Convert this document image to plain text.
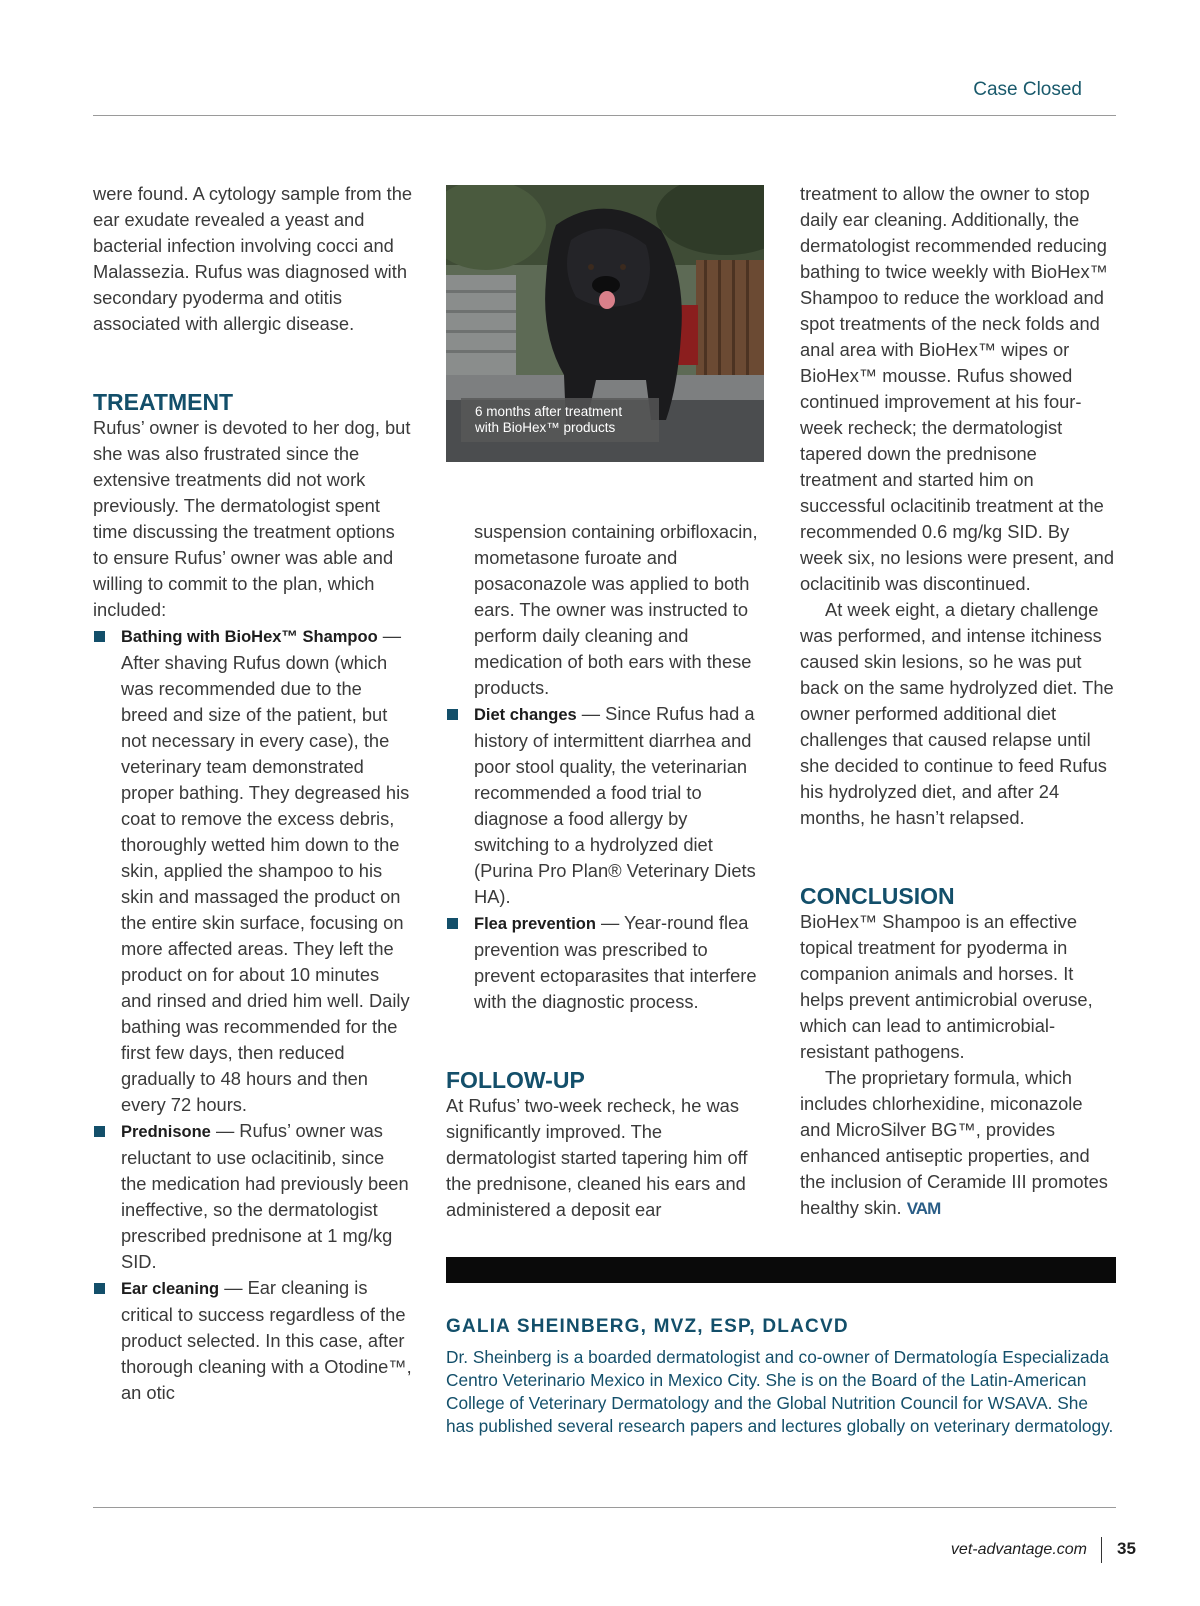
Case Closed

were found. A cytology sample from the ear exudate revealed a yeast and bacterial infection involving cocci and Malassezia. Rufus was diagnosed with secondary pyoderma and otitis associated with allergic disease.

TREATMENT

Rufus’ owner is devoted to her dog, but she was also frustrated since the extensive treatments did not work previously. The dermatologist spent time discussing the treatment options to ensure Rufus’ owner was able and willing to commit to the plan, which included:

Bathing with BioHex™ Shampoo — After shaving Rufus down (which was recommended due to the breed and size of the patient, but not necessary in every case), the veterinary team demonstrated proper bathing. They degreased his coat to remove the excess debris, thoroughly wetted him down to the skin, applied the shampoo to his skin and massaged the product on the entire skin surface, focusing on more affected areas. They left the product on for about 10 minutes and rinsed and dried him well. Daily bathing was recommended for the first few days, then reduced gradually to 48 hours and then every 72 hours.
Prednisone — Rufus’ owner was reluctant to use oclacitinib, since the medication had previously been ineffective, so the dermatologist prescribed prednisone at 1 mg/kg SID.
Ear cleaning — Ear cleaning is critical to success regardless of the product selected. In this case, after thorough cleaning with a Otodine™, an otic
6 months after treatment with BioHex™ products

suspension containing orbifloxacin, mometasone furoate and posaconazole was applied to both ears. The owner was instructed to perform daily cleaning and medication of both ears with these products.

Diet changes — Since Rufus had a history of intermittent diarrhea and poor stool quality, the veterinarian recommended a food trial to diagnose a food allergy by switching to a hydrolyzed diet (Purina Pro Plan® Veterinary Diets HA).
Flea prevention — Year-round flea prevention was prescribed to prevent ectoparasites that interfere with the diagnostic process.
FOLLOW-UP

At Rufus’ two-week recheck, he was significantly improved. The dermatologist started tapering him off the prednisone, cleaned his ears and administered a deposit ear

treatment to allow the owner to stop daily ear cleaning. Additionally, the dermatologist recommended reducing bathing to twice weekly with BioHex™ Shampoo to reduce the workload and spot treatments of the neck folds and anal area with BioHex™ wipes or BioHex™ mousse. Rufus showed continued improvement at his four-week recheck; the dermatologist tapered down the prednisone treatment and started him on successful oclacitinib treatment at the recommended 0.6 mg/kg SID. By week six, no lesions were present, and oclacitinib was discontinued.

At week eight, a dietary challenge was performed, and intense itchiness caused skin lesions, so he was put back on the same hydrolyzed diet. The owner performed additional diet challenges that caused relapse until she decided to continue to feed Rufus his hydrolyzed diet, and after 24 months, he hasn’t relapsed.

CONCLUSION

BioHex™ Shampoo is an effective topical treatment for pyoderma in companion animals and horses. It helps prevent antimicrobial overuse, which can lead to antimicrobial-resistant pathogens.

The proprietary formula, which includes chlorhexidine, miconazole and MicroSilver BG™, provides enhanced antiseptic properties, and the inclusion of Ceramide III promotes healthy skin. VAM

GALIA SHEINBERG, MVZ, ESP, DLACVD

Dr. Sheinberg is a boarded dermatologist and co-owner of Dermatología Especializada Centro Veterinario Mexico in Mexico City. She is on the Board of the Latin-American College of Veterinary Dermatology and the Global Nutrition Council for WSAVA. She has published several research papers and lectures globally on veterinary dermatology.

vet-advantage.com 35
